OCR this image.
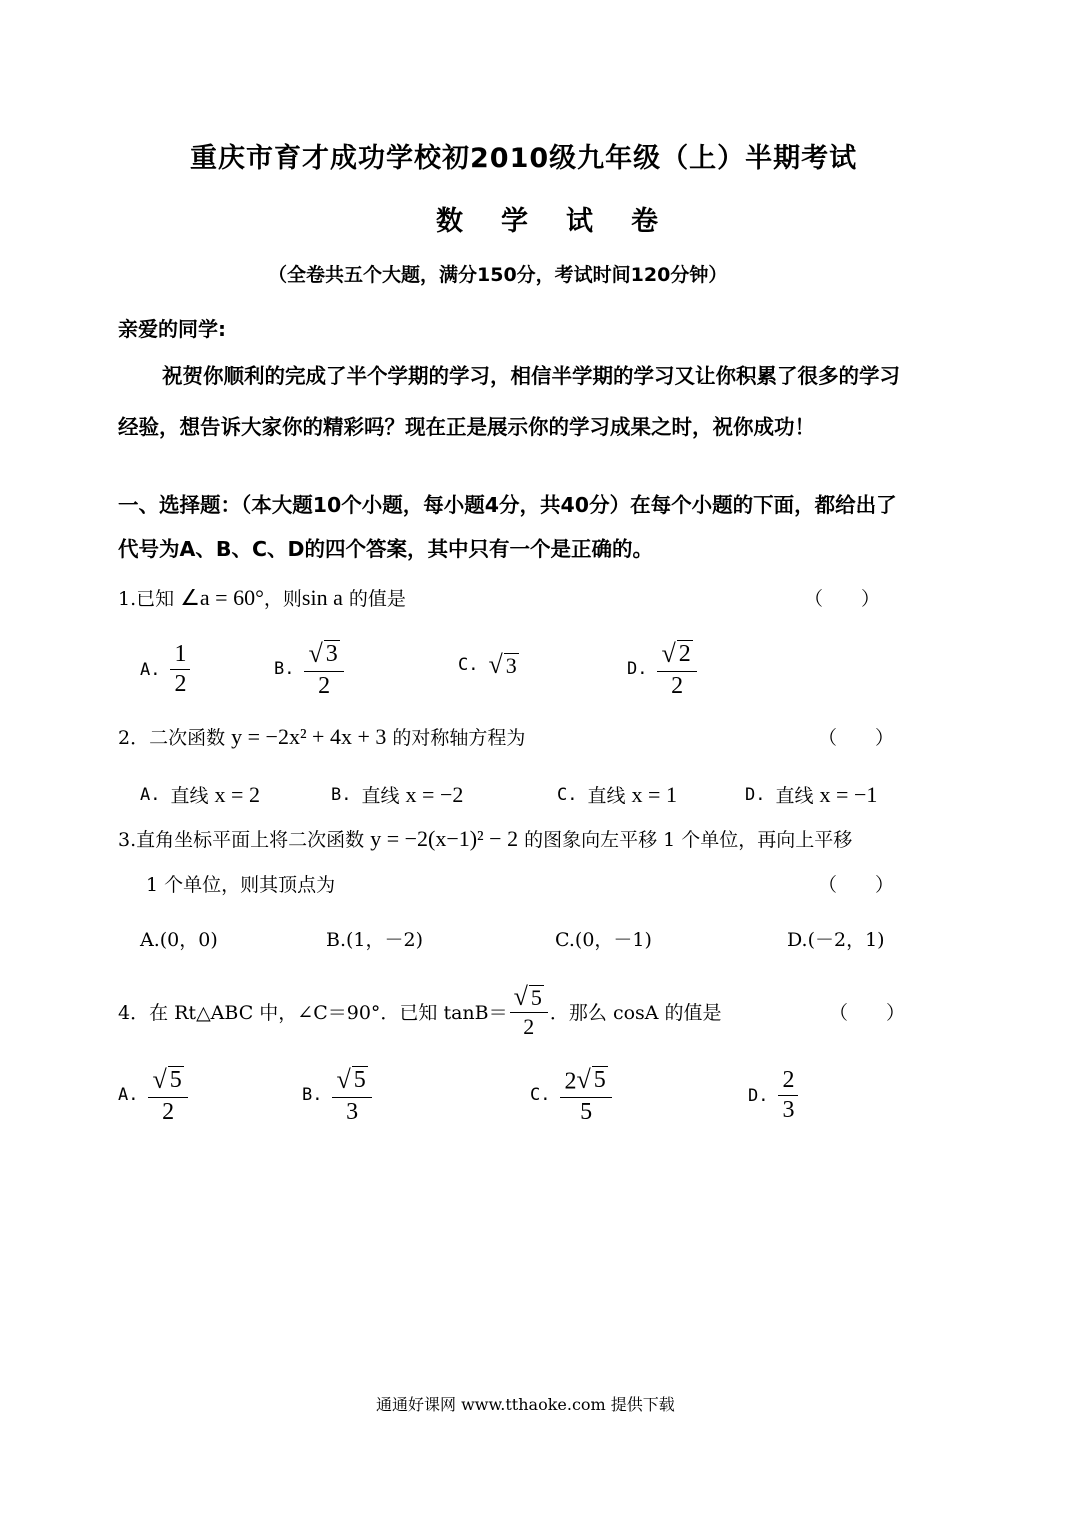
重庆市育才成功学校初2010级九年级（上）半期考试
数 学 试 卷
（全卷共五个大题，满分150分，考试时间120分钟）
亲爱的同学:
祝贺你顺利的完成了半个学期的学习，相信半学期的学习又让你积累了很多的学习
经验，想告诉大家你的精彩吗？现在正是展示你的学习成果之时，祝你成功！
一、选择题：（本大题10个小题，每小题4分，共40分）在每个小题的下面，都给出了
代号为A、B、C、D的四个答案，其中只有一个是正确的。
1.已知 ∠a = 60°，则sin a 的值是	（　　）
A. $\frac{1}{2}$	B. $\frac{√ 3}{2}$	C. √ 3	D. $\frac{√ 2}{2}$
2．二次函数 y = −2x² + 4x + 3 的对称轴方程为	（　　）
A. 直线
x = 2	B. 直线
x = −2	C. 直线
x = 1	D. 直线
x = −1
3.直角坐标平面上将二次函数 y = −2(x−1)² − 2 的图象向左平移 1 个单位，再向上平移
1 个单位，则其顶点为	（　　）
A.(0，0)	B.(1，－2)	C.(0，－1)	D.(－2，1)
4．在 Rt△ABC 中，∠C＝90°．已知 $\tan B= \frac{√ 5}{2}$ ．那么 cosA 的值是	（　　）
A. $\frac{√ 5}{2}$	B. $\frac{√ 5}{3}$	C. $\frac{2 √ 5}{5}$	D. $\frac{2}{3}$
通通好课网 www.tthaoke.com 提供下载
